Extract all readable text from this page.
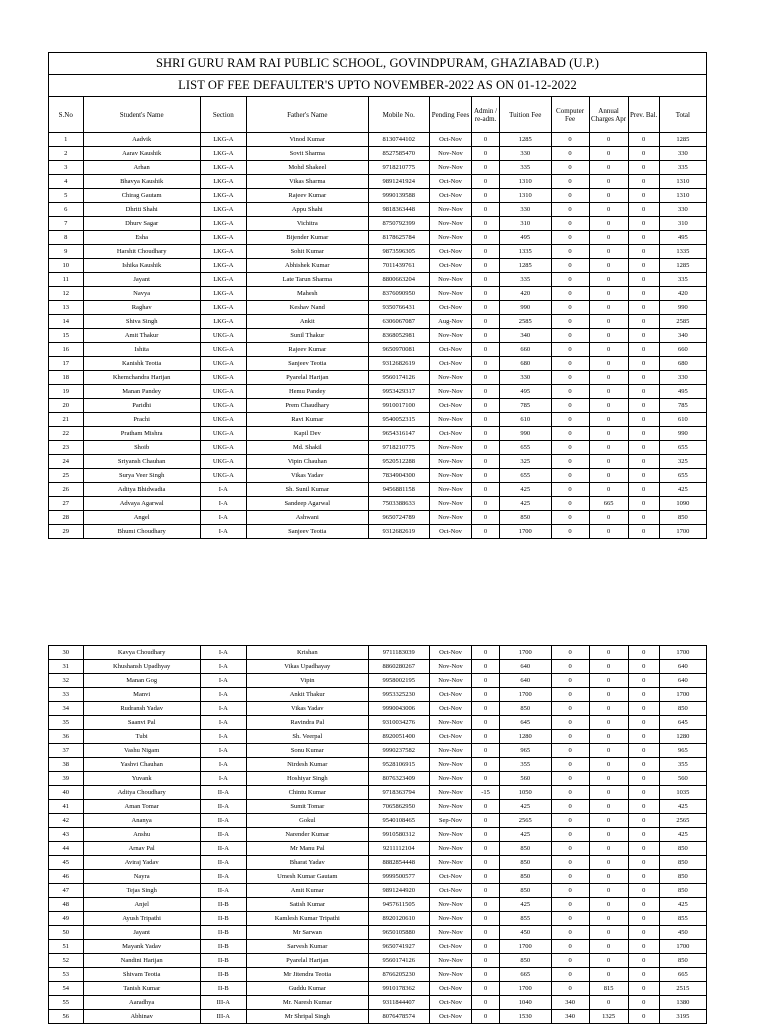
SHRI GURU RAM RAI PUBLIC SCHOOL, GOVINDPURAM, GHAZIABAD (U.P.)											
LIST OF FEE DEFAULTER'S UPTO NOVEMBER-2022 AS ON 01-12-2022											
S.No	Student's Name	Section	Father's Name	Mobile No.	Pending Fees	Admin / re-adm.	Tuition Fee	Computer Fee	Annual Charges Apr	Prev. Bal.	Total
1	Aadvik	LKG-A	Vinod Kumar	8130744102	Oct-Nov	0	1285	0	0	0	1285
2	Aarav Kaushik	LKG-A	Sovit Sharma	8527585470	Nov-Nov	0	330	0	0	0	330
3	Arhan	LKG-A	Mohd Shakeel	9718210775	Nov-Nov	0	335	0	0	0	335
4	Bhavya Kaushik	LKG-A	Vikas Sharma	9891241924	Oct-Nov	0	1310	0	0	0	1310
5	Chirag Gautam	LKG-A	Rajeev Kumar	9990139588	Oct-Nov	0	1310	0	0	0	1310
6	Dhriti Shahi	LKG-A	Appu Shahi	9818363448	Nov-Nov	0	330	0	0	0	330
7	Dhurv Sagar	LKG-A	Vichitra	8750792399	Nov-Nov	0	310	0	0	0	310
8	Esha	LKG-A	Bijender Kumar	8178625784	Nov-Nov	0	495	0	0	0	495
9	Harshit Choudhary	LKG-A	Sohit Kumar	9873596305	Oct-Nov	0	1335	0	0	0	1335
10	Ishika Kaushik	LKG-A	Abhishek Kumar	7011439761	Oct-Nov	0	1285	0	0	0	1285
11	Jayant	LKG-A	Late Tarun Sharma	8800663204	Nov-Nov	0	335	0	0	0	335
12	Navya	LKG-A	Mahesh	8376090950	Nov-Nov	0	420	0	0	0	420
13	Raghav	LKG-A	Keshav Nand	9350766431	Oct-Nov	0	990	0	0	0	990
14	Shiva Singh	LKG-A	Ankit	6306067087	Aug-Nov	0	2585	0	0	0	2585
15	Amit Thakur	UKG-A	Sunil Thakur	8368052981	Nov-Nov	0	340	0	0	0	340
16	Ishita	UKG-A	Rajeev Kumar	9650970081	Oct-Nov	0	660	0	0	0	660
17	Kanishk Teotia	UKG-A	Sanjeev Teotia	9312682619	Oct-Nov	0	680	0	0	0	680
18	Khemchandra Harijan	UKG-A	Pyarelal Harijan	9560174126	Nov-Nov	0	330	0	0	0	330
19	Manan Pandey	UKG-A	Hemu Pandey	9953429317	Nov-Nov	0	495	0	0	0	495
20	Paridhi	UKG-A	Prem Chaudhary	9910017100	Oct-Nov	0	785	0	0	0	785
21	Prachi	UKG-A	Ravi Kumar	9540052315	Nov-Nov	0	610	0	0	0	610
22	Pratham Mishra	UKG-A	Kapil Dev	9654316147	Oct-Nov	0	990	0	0	0	990
23	Shoib	UKG-A	Md. Shakil	9718210775	Nov-Nov	0	655	0	0	0	655
24	Sriyansh Chauhan	UKG-A	Vipin Chauhan	9520512288	Nov-Nov	0	325	0	0	0	325
25	Surya Veer Singh	UKG-A	Vikas Yadav	7834904300	Nov-Nov	0	655	0	0	0	655
26	Aditya Bhidwadia	I-A	Sh. Sunil Kumar	9456881158	Nov-Nov	0	425	0	0	0	425
27	Advaya Agarwal	I-A	Sandeep Agarwal	7503388633	Nov-Nov	0	425	0	665	0	1090
28	Angel	I-A	Ashwani	9650724789	Nov-Nov	0	850	0	0	0	850
29	Bhumi Choudhary	I-A	Sanjeev Teotia	9312682619	Oct-Nov	0	1700	0	0	0	1700
30	Kavya Choudhary	I-A	Krishan	9711183039	Oct-Nov	0	1700	0	0	0	1700
31	Khushansh Upadhyay	I-A	Vikas Upadhayay	8860280267	Nov-Nov	0	640	0	0	0	640
32	Manan Gog	I-A	Vipin	9958002195	Nov-Nov	0	640	0	0	0	640
33	Manvi	I-A	Ankit Thakur	9953325230	Oct-Nov	0	1700	0	0	0	1700
34	Rudransh Yadav	I-A	Vikas Yadav	9990043006	Oct-Nov	0	850	0	0	0	850
35	Saanvi Pal	I-A	Ravindra Pal	9310034276	Nov-Nov	0	645	0	0	0	645
36	Tubi	I-A	Sh. Veerpal	8920051400	Oct-Nov	0	1280	0	0	0	1280
37	Vashu Nigam	I-A	Sonu Kumar	9990237582	Nov-Nov	0	965	0	0	0	965
38	Yashvi Chauhan	I-A	Nirdesh Kumar	9528106915	Nov-Nov	0	355	0	0	0	355
39	Yuvank	I-A	Hoshiyar Singh	8076323409	Nov-Nov	0	560	0	0	0	560
40	Aditya Choudhary	II-A	Chintu Kumar	9718363794	Nov-Nov	-15	1050	0	0	0	1035
41	Aman Tomar	II-A	Sumit Tomar	7065862950	Nov-Nov	0	425	0	0	0	425
42	Ananya	II-A	Gokul	9540108465	Sep-Nov	0	2565	0	0	0	2565
43	Anshu	II-A	Narender Kumar	9910580312	Nov-Nov	0	425	0	0	0	425
44	Arnav Pal	II-A	Mr Manu Pal	9211112104	Nov-Nov	0	850	0	0	0	850
45	Aviraj Yadav	II-A	Bharat Yadav	8882854448	Nov-Nov	0	850	0	0	0	850
46	Nayra	II-A	Umesh Kumar Gautam	9999500577	Oct-Nov	0	850	0	0	0	850
47	Tejas Singh	II-A	Amit Kumar	9891244920	Oct-Nov	0	850	0	0	0	850
48	Anjel	II-B	Satish Kumar	9457611505	Nov-Nov	0	425	0	0	0	425
49	Ayush Tripathi	II-B	Kamlesh Kumar Tripathi	8920120610	Nov-Nov	0	855	0	0	0	855
50	Jayant	II-B	Mr Sarwan	9650105880	Nov-Nov	0	450	0	0	0	450
51	Mayank Yadav	II-B	Sarvesh Kumar	9650741927	Oct-Nov	0	1700	0	0	0	1700
52	Nandini Harijan	II-B	Pyarelal Harijan	9560174126	Nov-Nov	0	850	0	0	0	850
53	Shivam Teotia	II-B	Mr Jitendra Teotia	8766205230	Nov-Nov	0	665	0	0	0	665
54	Tanish Kumar	II-B	Guddu Kumar	9910178362	Oct-Nov	0	1700	0	815	0	2515
55	Aaradhya	III-A	Mr. Naresh Kumar	9311844407	Oct-Nov	0	1040	340	0	0	1380
56	Abhinav	III-A	Mr Shripal Singh	8076478574	Oct-Nov	0	1530	340	1325	0	3195
